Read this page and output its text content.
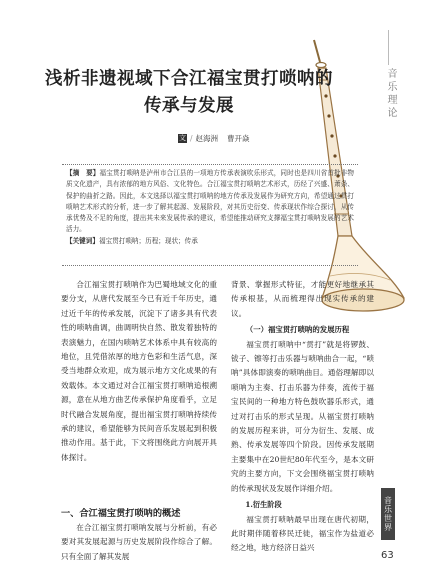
音乐理论
音乐世界
63
浅析非遗视域下合江福宝贯打唢呐的传承与发展
文 / 赵海洲 曹开焱
【摘　要】福宝贯打唢呐是泸州市合江县的一项地方传承表演吹乐形式，同时也是四川省首批非物质文化遗产，具有浓郁的地方风俗、文化特色。合江福宝贯打唢呐艺术形式，历经了兴盛、萧条、保护的曲折之路。因此，本文选择以福宝贯打唢呐的地方传承及发展作为研究方向，希望通过贯打唢呐艺术形式的分析，进一步了解其起源、发展阶段，对其历史衍变、传承现状作综合探讨，从传承优势及不足的角度，提出其未来发展传承的建议，希望能推动研究支撑福宝贯打唢呐发展的艺术活力。
【关键词】福宝贯打唢呐；历程；现状；传承

合江福宝贯打唢呐作为巴蜀地域文化的重要分支，从唐代发展至今已有近千年历史，通过近千年的传承发展，沉淀下了诸多具有代表性的唢呐曲调，曲调明快自然、散发着独特的表演魅力，在国内唢呐艺术体系中具有较高的地位，且凭借浓厚的地方色彩和生活气息，深受当地群众欢迎，成为展示地方文化成果的有效载体。本文通过对合江福宝贯打唢呐追根溯源，意在从地方曲艺传承保护角度看乎，立足时代融合发展角度，提出福宝贯打唢呐持续传承的建议，希望能够为民间音乐发展起到积极推动作用。基于此，下文将围绕此方向展开具体探讨。

一、合江福宝贯打唢呐的概述

在合江福宝贯打唢呐发展与分析前，有必要对其发展起源与历史发展阶段作综合了解。只有全面了解其发展

背景、掌握形式特征，才能更好地继承其传承根基，从而梳理得出现实传承的建议。

（一）福宝贯打唢呐的发展历程

福宝贯打唢呐中“贯打”就是将锣鼓、钹子、镲等打击乐器与唢呐曲合一起，“唢呐”具体即演奏的唢呐曲目。通俗理解即以唢呐为主奏、打击乐器为伴奏，流传于福宝民间的一种地方特色鼓吹器乐形式，通过对打击乐的形式呈现。从福宝贯打唢呐的发展历程来讲，可分为衍生、发展、成熟、传承发展等四个阶段。因传承发展期主要集中在20世纪80年代至今，是本文研究的主要方向，下文会围绕福宝贯打唢呐的传承现状及发展作详细介绍。

1.衍生阶段

福宝贯打唢呐最早出现在唐代初期，此时期伴随着移民迁徙，福宝作为盐道必经之地，地方经济日益兴
